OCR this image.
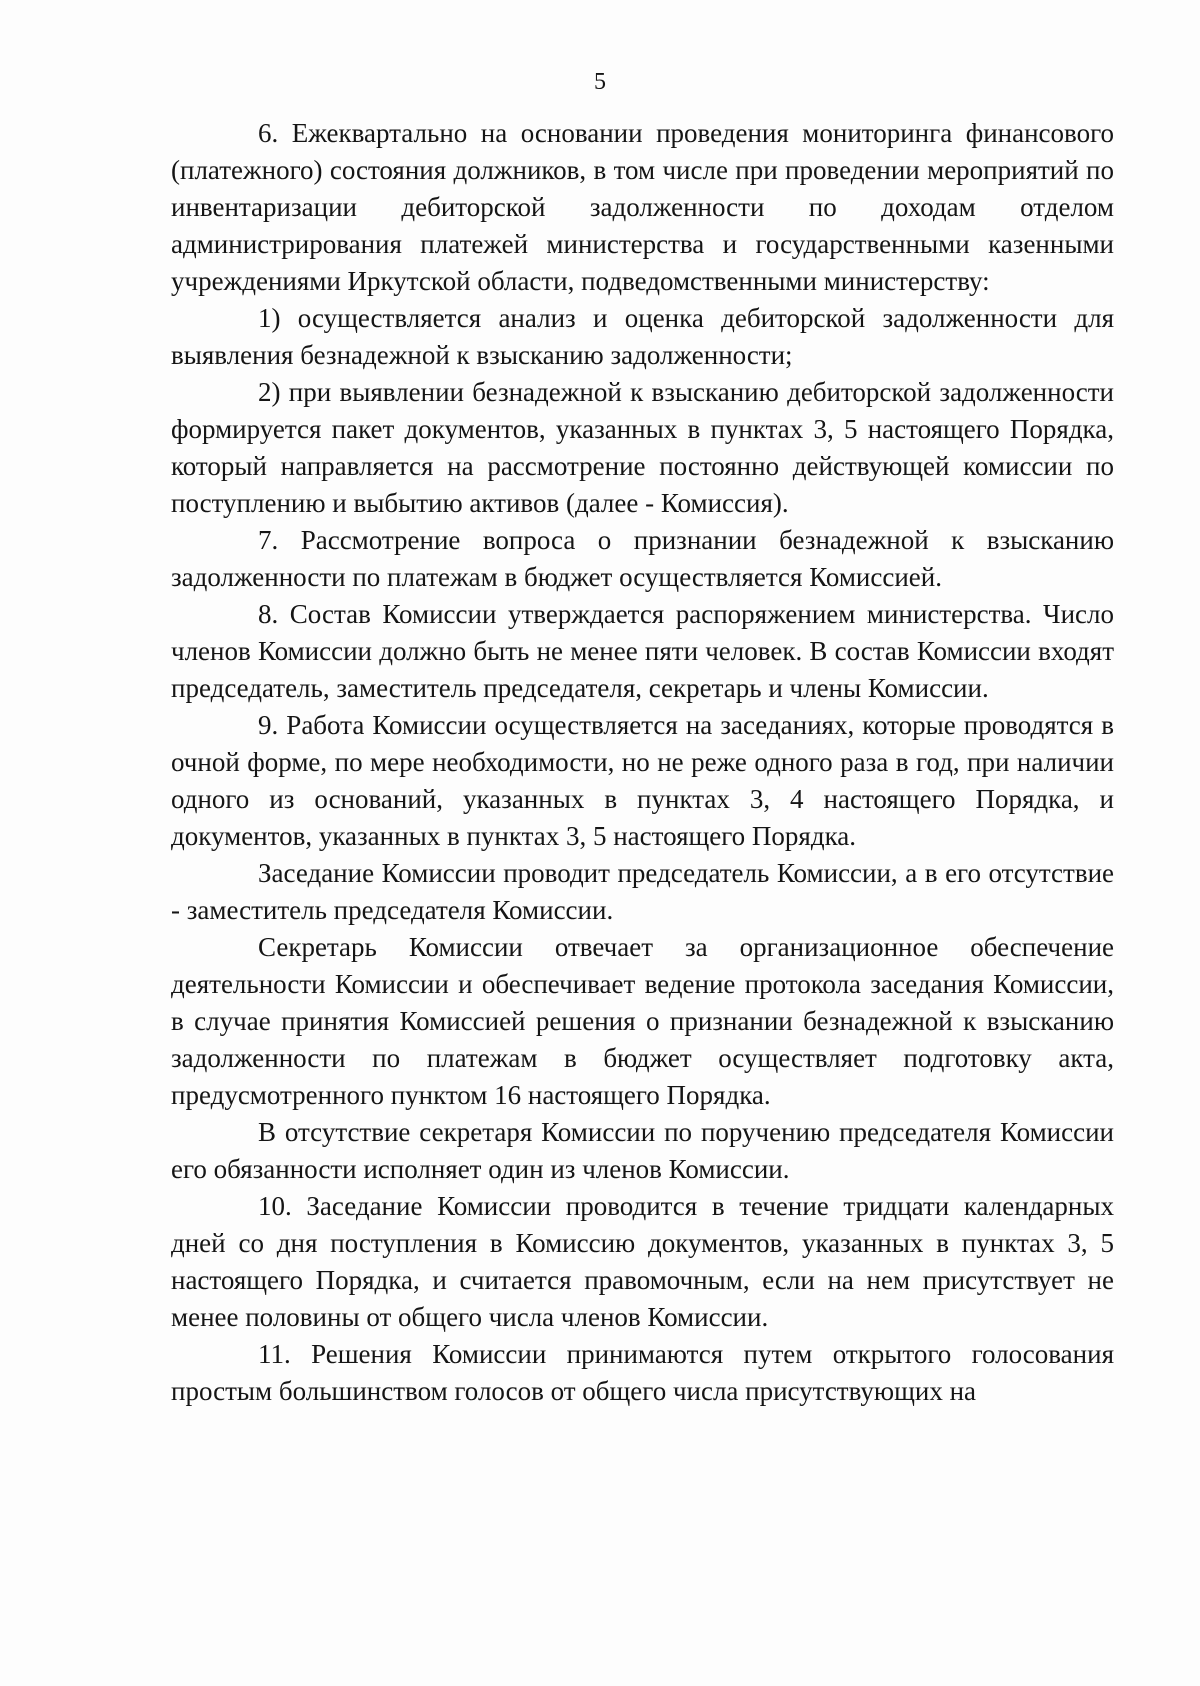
5

6. Ежеквартально на основании проведения мониторинга финансового (платежного) состояния должников, в том числе при проведении мероприятий по инвентаризации дебиторской задолженности по доходам отделом администрирования платежей министерства и государственными казенными учреждениями Иркутской области, подведомственными министерству:

1) осуществляется анализ и оценка дебиторской задолженности для выявления безнадежной к взысканию задолженности;

2) при выявлении безнадежной к взысканию дебиторской задолженности формируется пакет документов, указанных в пунктах 3, 5 настоящего Порядка, который направляется на рассмотрение постоянно действующей комиссии по поступлению и выбытию активов (далее - Комиссия).

7. Рассмотрение вопроса о признании безнадежной к взысканию задолженности по платежам в бюджет осуществляется Комиссией.

8. Состав Комиссии утверждается распоряжением министерства. Число членов Комиссии должно быть не менее пяти человек. В состав Комиссии входят председатель, заместитель председателя, секретарь и члены Комиссии.

9. Работа Комиссии осуществляется на заседаниях, которые проводятся в очной форме, по мере необходимости, но не реже одного раза в год, при наличии одного из оснований, указанных в пунктах 3, 4 настоящего Порядка, и документов, указанных в пунктах 3, 5 настоящего Порядка.

Заседание Комиссии проводит председатель Комиссии, а в его отсутствие - заместитель председателя Комиссии.

Секретарь Комиссии отвечает за организационное обеспечение деятельности Комиссии и обеспечивает ведение протокола заседания Комиссии, в случае принятия Комиссией решения о признании безнадежной к взысканию задолженности по платежам в бюджет осуществляет подготовку акта, предусмотренного пунктом 16 настоящего Порядка.

В отсутствие секретаря Комиссии по поручению председателя Комиссии его обязанности исполняет один из членов Комиссии.

10. Заседание Комиссии проводится в течение тридцати календарных дней со дня поступления в Комиссию документов, указанных в пунктах 3, 5 настоящего Порядка, и считается правомочным, если на нем присутствует не менее половины от общего числа членов Комиссии.

11. Решения Комиссии принимаются путем открытого голосования простым большинством голосов от общего числа присутствующих на
